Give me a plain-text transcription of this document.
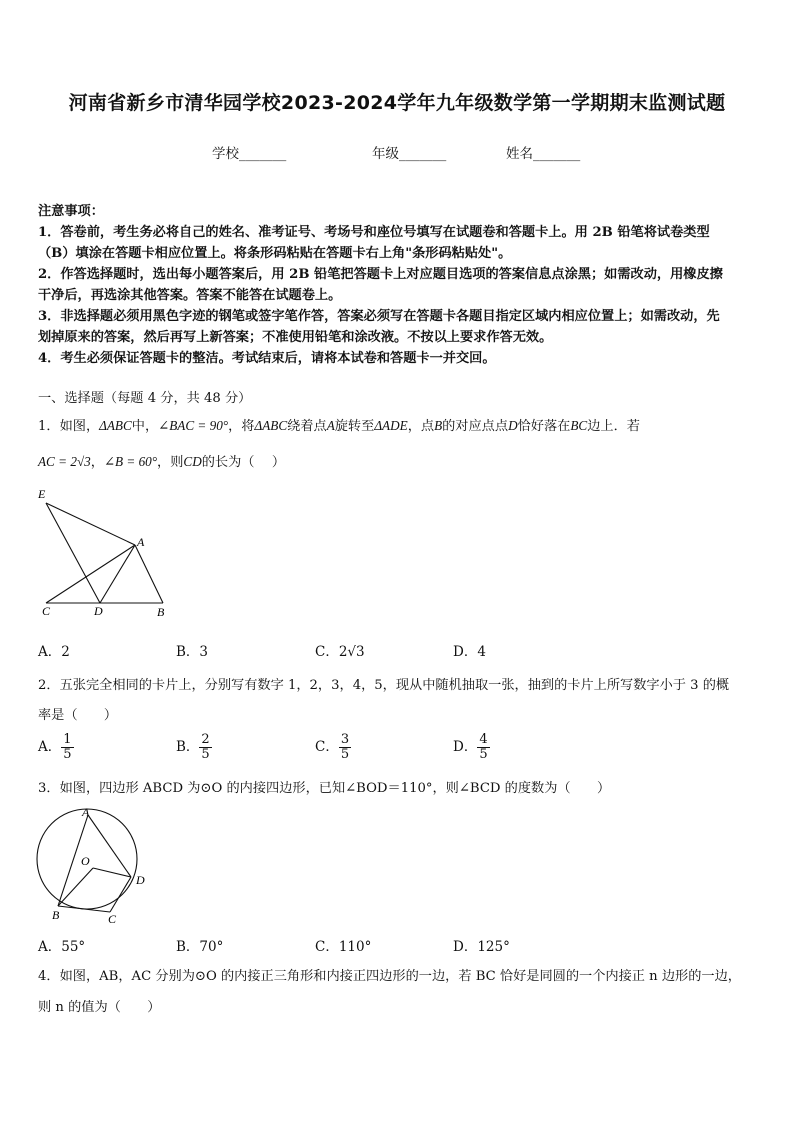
河南省新乡市清华园学校2023-2024学年九年级数学第一学期期末监测试题
学校_______	年级_______	姓名_______
注意事项：
1．答卷前，考生务必将自己的姓名、准考证号、考场号和座位号填写在试题卷和答题卡上。用 2B 铅笔将试卷类型
（B）填涂在答题卡相应位置上。将条形码粘贴在答题卡右上角"条形码粘贴处"。
2．作答选择题时，选出每小题答案后，用 2B 铅笔把答题卡上对应题目选项的答案信息点涂黑；如需改动，用橡皮擦
干净后，再选涂其他答案。答案不能答在试题卷上。
3．非选择题必须用黑色字迹的钢笔或签字笔作答，答案必须写在答题卡各题目指定区域内相应位置上；如需改动，先
划掉原来的答案，然后再写上新答案；不准使用铅笔和涂改液。不按以上要求作答无效。
4．考生必须保证答题卡的整洁。考试结束后，请将本试卷和答题卡一并交回。
一、选择题（每题 4 分，共 48 分）
1．如图，ΔABC中，∠BAC = 90°，将ΔABC绕着点A旋转至ΔADE，点B的对应点点D恰好落在BC边上．若
AC = 2√3，∠B = 60°，则CD的长为（　 ）
E
A
C	D	B
A．2	B．3	C．2√3	D．4
2．五张完全相同的卡片上，分别写有数字 1，2，3，4，5，现从中随机抽取一张，抽到的卡片上所写数字小于 3 的概
率是（　　）
A． $\frac{1}{5}$	B． $\frac{2}{5}$	C． $\frac{3}{5}$	D． $\frac{4}{5}$
3．如图，四边形 ABCD 为⊙O 的内接四边形，已知∠BOD＝110°，则∠BCD 的度数为（　　）
A
O
D
B	C
A．55°	B．70°	C．110°	D．125°
4．如图，AB，AC 分别为⊙O 的内接正三角形和内接正四边形的一边，若 BC 恰好是同圆的一个内接正 n 边形的一边，
则 n 的值为（　　）
